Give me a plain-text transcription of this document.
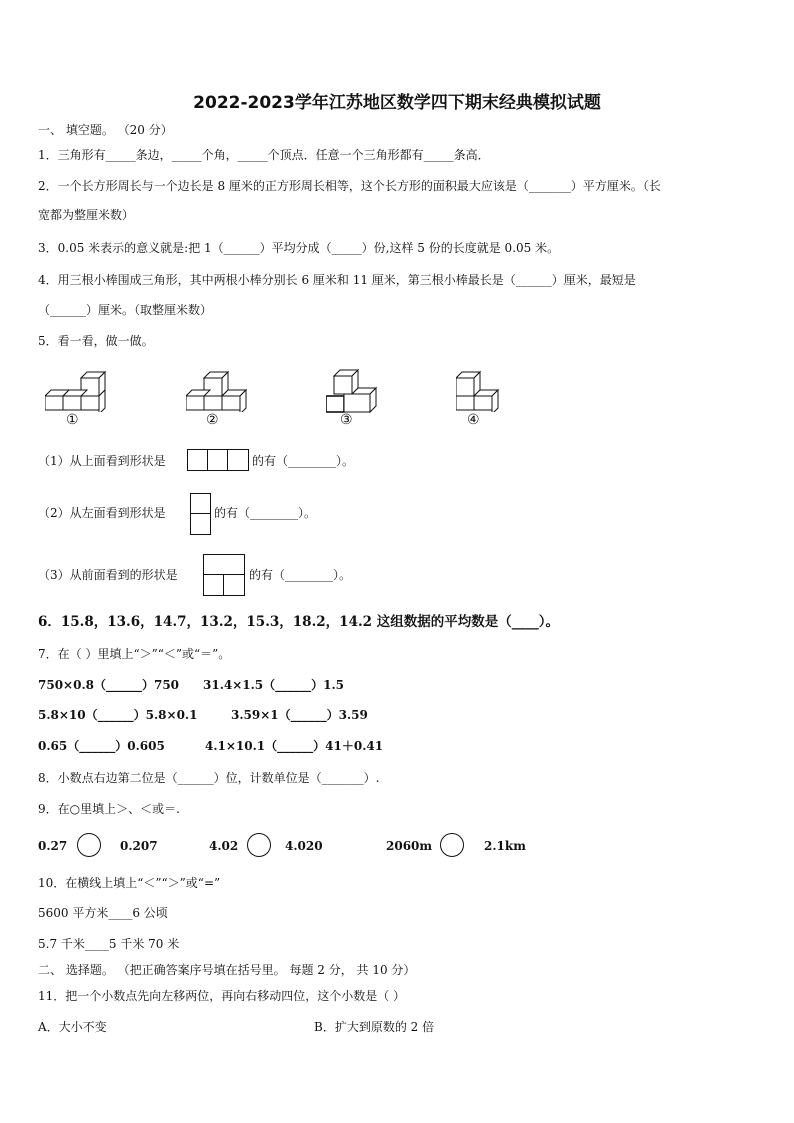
2022-2023学年江苏地区数学四下期末经典模拟试题
一、 填空题。 （20 分）
1．三角形有_____条边，_____个角，_____个顶点．任意一个三角形都有_____条高．
2．一个长方形周长与一个边长是 8 厘米的正方形周长相等，这个长方形的面积最大应该是（_______）平方厘米。（长
宽都为整厘米数）
3．0.05 米表示的意义就是:把 1（______）平均分成（_____）份,这样 5 份的长度就是 0.05 米。
4．用三根小棒围成三角形，其中两根小棒分别长 6 厘米和 11 厘米，第三根小棒最长是（______）厘米，最短是
（______）厘米。（取整厘米数）
5．看一看，做一做。
①	②	③	④
（1）从上面看到形状是	的有（________）。
（2）从左面看到形状是	的有（________）。
（3）从前面看到的形状是	的有（________）。
6．15.8，13.6，14.7，13.2，15.3，18.2，14.2 这组数据的平均数是（____）。
7．在（ ）里填上“＞”“＜”或“＝”。
750×0.8（______）750 31.4×1.5（______）1.5
5.8×10（______）5.8×0.1	3.59×1（______）3.59
0.65（______）0.605	4.1×10.1（______）41＋0.41
8．小数点右边第二位是（______）位，计数单位是（_______）.
9．在○里填上＞、＜或＝.
0.27	0.207	4.02	4.020	2060m	2.1km
10．在横线上填上“＜”“＞”或“=”
5600 平方米____6 公顷
5.7 千米____5 千米 70 米
二、 选择题。 （把正确答案序号填在括号里。 每题 2 分， 共 10 分）
11．把一个小数点先向左移两位，再向右移动四位，这个小数是（ ）
A．大小不变	B．扩大到原数的 2 倍
